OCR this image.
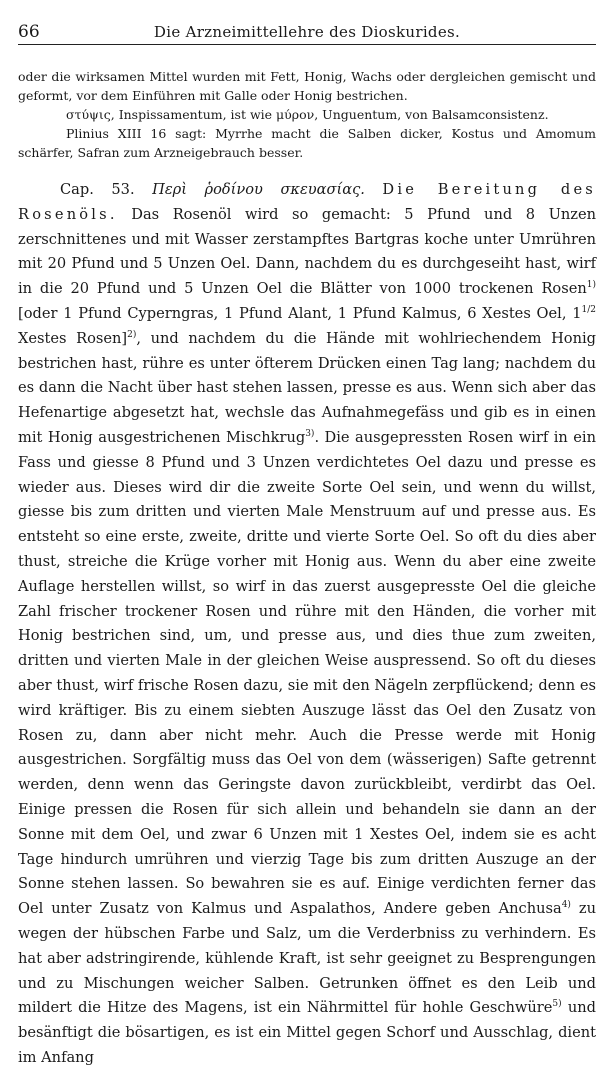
66	Die Arzneimittellehre des Dioskurides.

oder die wirksamen Mittel wurden mit Fett, Honig, Wachs oder dergleichen gemischt und geformt, vor dem Einführen mit Galle oder Honig bestrichen.

στύψις, Inspissamentum, ist wie μύρον, Unguentum, von Balsamconsistenz.

Plinius XIII 16 sagt: Myrrhe macht die Salben dicker, Kostus und Amomum schärfer, Safran zum Arzneigebrauch besser.

Cap. 53. Περὶ ῥοδίνου σκευασίας. Die Bereitung des Rosenöls. Das Rosenöl wird so gemacht: 5 Pfund und 8 Unzen zerschnittenes und mit Wasser zerstampftes Bartgras koche unter Umrühren mit 20 Pfund und 5 Unzen Oel. Dann, nachdem du es durchgeseiht hast, wirf in die 20 Pfund und 5 Unzen Oel die Blätter von 1000 trockenen Rosen$^{1)}$ [oder 1 Pfund Cyperngras, 1 Pfund Alant, 1 Pfund Kalmus, 6 Xestes Oel, $1^{1/2}$ Xestes Rosen]$^{2)}$, und nachdem du die Hände mit wohlriechendem Honig bestrichen hast, rühre es unter öfterem Drücken einen Tag lang; nachdem du es dann die Nacht über hast stehen lassen, presse es aus. Wenn sich aber das Hefenartige abgesetzt hat, wechsle das Aufnahmegefäss und gib es in einen mit Honig ausgestrichenen Mischkrug$^{3)}$. Die ausgepressten Rosen wirf in ein Fass und giesse 8 Pfund und 3 Unzen verdichtetes Oel dazu und presse es wieder aus. Dieses wird dir die zweite Sorte Oel sein, und wenn du willst, giesse bis zum dritten und vierten Male Menstruum auf und presse aus. Es entsteht so eine erste, zweite, dritte und vierte Sorte Oel. So oft du dies aber thust, streiche die Krüge vorher mit Honig aus. Wenn du aber eine zweite Auflage herstellen willst, so wirf in das zuerst ausgepresste Oel die gleiche Zahl frischer trockener Rosen und rühre mit den Händen, die vorher mit Honig bestrichen sind, um, und presse aus, und dies thue zum zweiten, dritten und vierten Male in der gleichen Weise auspressend. So oft du dieses aber thust, wirf frische Rosen dazu, sie mit den Nägeln zerpflückend; denn es wird kräftiger. Bis zu einem siebten Auszuge lässt das Oel den Zusatz von Rosen zu, dann aber nicht mehr. Auch die Presse werde mit Honig ausgestrichen. Sorgfältig muss das Oel von dem (wässerigen) Safte getrennt werden, denn wenn das Geringste davon zurückbleibt, verdirbt das Oel. Einige pressen die Rosen für sich allein und behandeln sie dann an der Sonne mit dem Oel, und zwar 6 Unzen mit 1 Xestes Oel, indem sie es acht Tage hindurch umrühren und vierzig Tage bis zum dritten Auszuge an der Sonne stehen lassen. So bewahren sie es auf. Einige verdichten ferner das Oel unter Zusatz von Kalmus und Aspalathos, Andere geben Anchusa$^{4)}$ zu wegen der hübschen Farbe und Salz, um die Verderbniss zu verhindern. Es hat aber adstringirende, kühlende Kraft, ist sehr geeignet zu Besprengungen und zu Mischungen weicher Salben. Getrunken öffnet es den Leib und mildert die Hitze des Magens, ist ein Nährmittel für hohle Geschwüre$^{5)}$ und besänftigt die bösartigen, es ist ein Mittel gegen Schorf und Ausschlag, dient im Anfang
